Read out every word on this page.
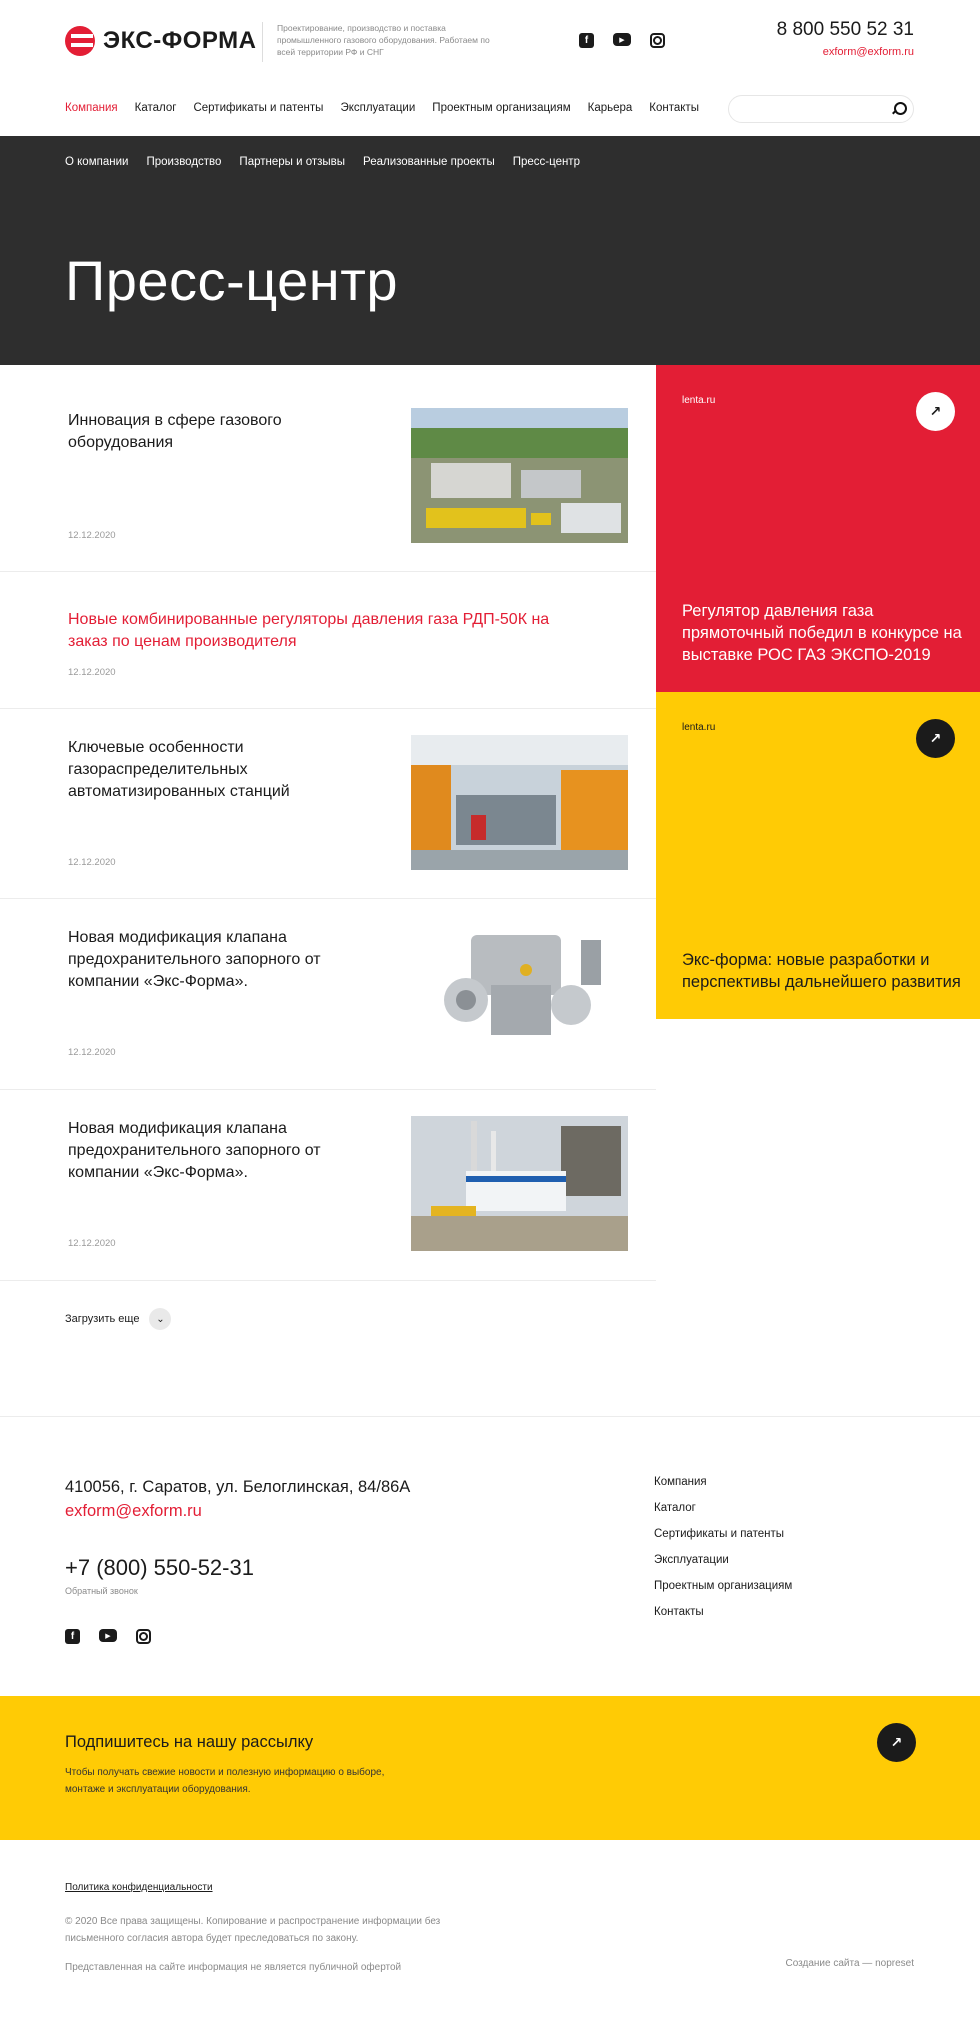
ЭКС-ФОРМА	Проектирование, производство и поставка промышленного газового оборудования. Работаем по всей территории РФ и СНГ
f	▶	8 800 550 52 31
exform@exform.ru
Компания Каталог Сертификаты и патенты Эксплуатации Проектным организациям Карьера Контакты
О компании Производство Партнеры и отзывы Реализованные проекты Пресс-центр
Пресс-центр
Инновация в сфере газового оборудования
12.12.2020
Новые комбинированные регуляторы давления газа РДП-50К на заказ по ценам производителя
12.12.2020
Ключевые особенности газораспределительных автоматизированных станций
12.12.2020
Новая модификация клапана предохранительного запорного от компании «Экс-Форма».
12.12.2020
Новая модификация клапана предохранительного запорного от компании «Экс-Форма».
12.12.2020
lenta.ru
↗
Регулятор давления газа прямоточный победил в конкурсе на выставке РОС ГАЗ ЭКСПО-2019
lenta.ru
↗
Экс-форма: новые разработки и перспективы дальнейшего развития
Загрузить еще	⌄
410056, г. Саратов, ул. Белоглинская, 84/86А
exform@exform.ru
+7 (800) 550-52-31
Обратный звонок
f	▶
Компания
Каталог
Сертификаты и патенты
Эксплуатации
Проектным организациям
Контакты
Подпишитесь на нашу рассылку
Чтобы получать свежие новости и полезную информацию о выборе, монтаже и эксплуатации оборудования.
↗
Политика конфиденциальности
© 2020 Все права защищены. Копирование и распространение информации без письменного согласия автора будет преследоваться по закону.
Представленная на сайте информация не является публичной офертой	Создание сайта — nopreset
